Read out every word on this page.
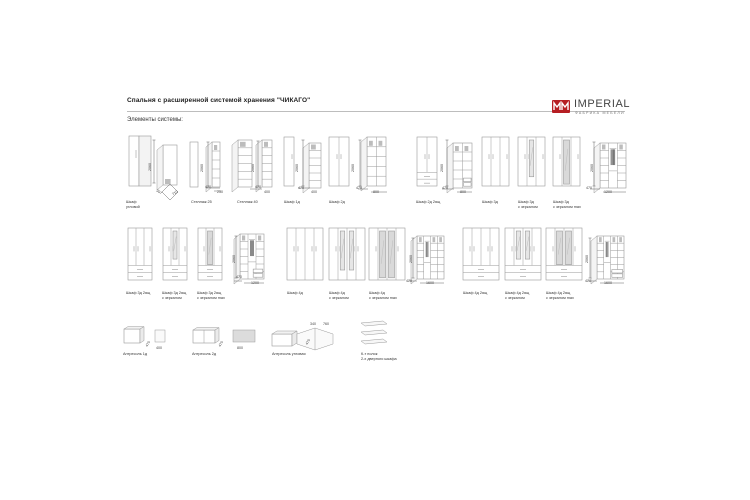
Спальня с расширенной системой хранения "ЧИКАГО"
Элементы системы:
IMPERIAL
ФАБРИКА МЕБЕЛИ
Шкаф
угловой
2060
397 710
Стеллаж 25
2060
470
250
Стеллаж 40
2060
470
400
Шкаф 1д
2060
470
400
Шкаф 2д
2060
470
800
Шкаф 2д 2ящ
2060
470
800
Шкаф 3д	Шкаф 3д
с зеркалом
Шкаф 3д
с зеркалом max
2060
470
1200
Шкаф 3д 2ящ	Шкаф 3д 2ящ
с зеркалом
Шкаф 3д 2ящ
с зеркалом max
2060
470
1200
Шкаф 4д	Шкаф 4д
с зеркалом
Шкаф 4д
с зеркалом max
2060
470	1600
Шкаф 4д 2ящ	Шкаф 4д 2ящ
с зеркалом
Шкаф 4д 2ящ
с зеркалом max
2060
470	1600
Антресоль 1д
470
400
Антресоль 2д
470
800
Антресоль угловая
340 760
470
К-т полок
2-х дверного шкафа
